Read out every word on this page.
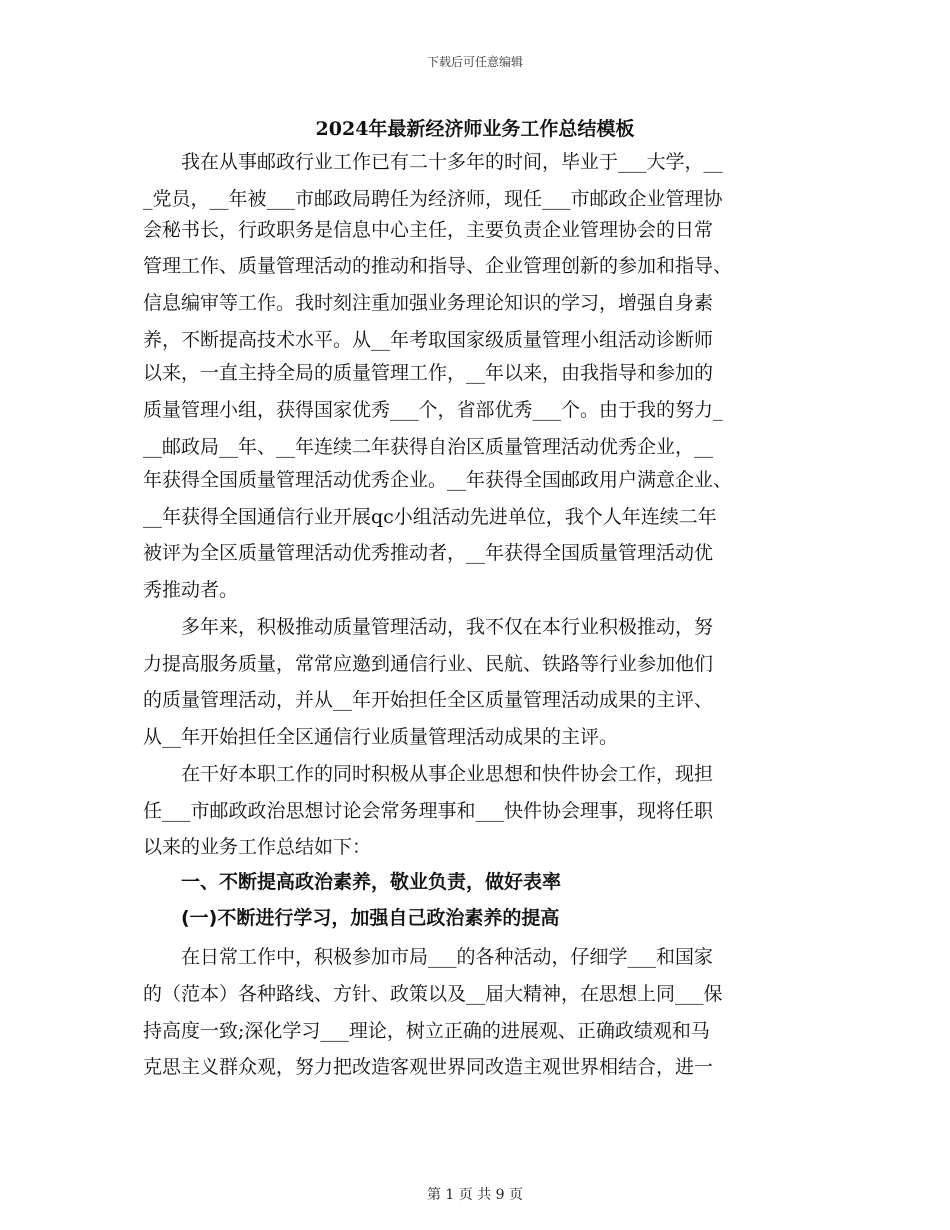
下载后可任意编辑
2024年最新经济师业务工作总结模板
　　我在从事邮政行业工作已有二十多年的时间，毕业于___大学，__
_党员，__年被___市邮政局聘任为经济师，现任___市邮政企业管理协
会秘书长，行政职务是信息中心主任，主要负责企业管理协会的日常
管理工作、质量管理活动的推动和指导、企业管理创新的参加和指导、
信息编审等工作。我时刻注重加强业务理论知识的学习，增强自身素
养，不断提高技术水平。从__年考取国家级质量管理小组活动诊断师
以来，一直主持全局的质量管理工作，__年以来，由我指导和参加的
质量管理小组，获得国家优秀___个，省部优秀___个。由于我的努力_
__邮政局__年、__年连续二年获得自治区质量管理活动优秀企业，__
年获得全国质量管理活动优秀企业。__年获得全国邮政用户满意企业、
__年获得全国通信行业开展qc小组活动先进单位，我个人年连续二年
被评为全区质量管理活动优秀推动者，__年获得全国质量管理活动优
秀推动者。
　　多年来，积极推动质量管理活动，我不仅在本行业积极推动，努
力提高服务质量，常常应邀到通信行业、民航、铁路等行业参加他们
的质量管理活动，并从__年开始担任全区质量管理活动成果的主评、
从__年开始担任全区通信行业质量管理活动成果的主评。
　　在干好本职工作的同时积极从事企业思想和快件协会工作，现担
任___市邮政政治思想讨论会常务理事和___快件协会理事，现将任职
以来的业务工作总结如下：
　　一、不断提高政治素养，敬业负责，做好表率
　　(一)不断进行学习，加强自己政治素养的提高
　　在日常工作中，积极参加市局___的各种活动，仔细学___和国家
的（范本）各种路线、方针、政策以及__届大精神，在思想上同___保
持高度一致;深化学习___理论，树立正确的进展观、正确政绩观和马
克思主义群众观，努力把改造客观世界同改造主观世界相结合，进一
第 1 页 共 9 页
